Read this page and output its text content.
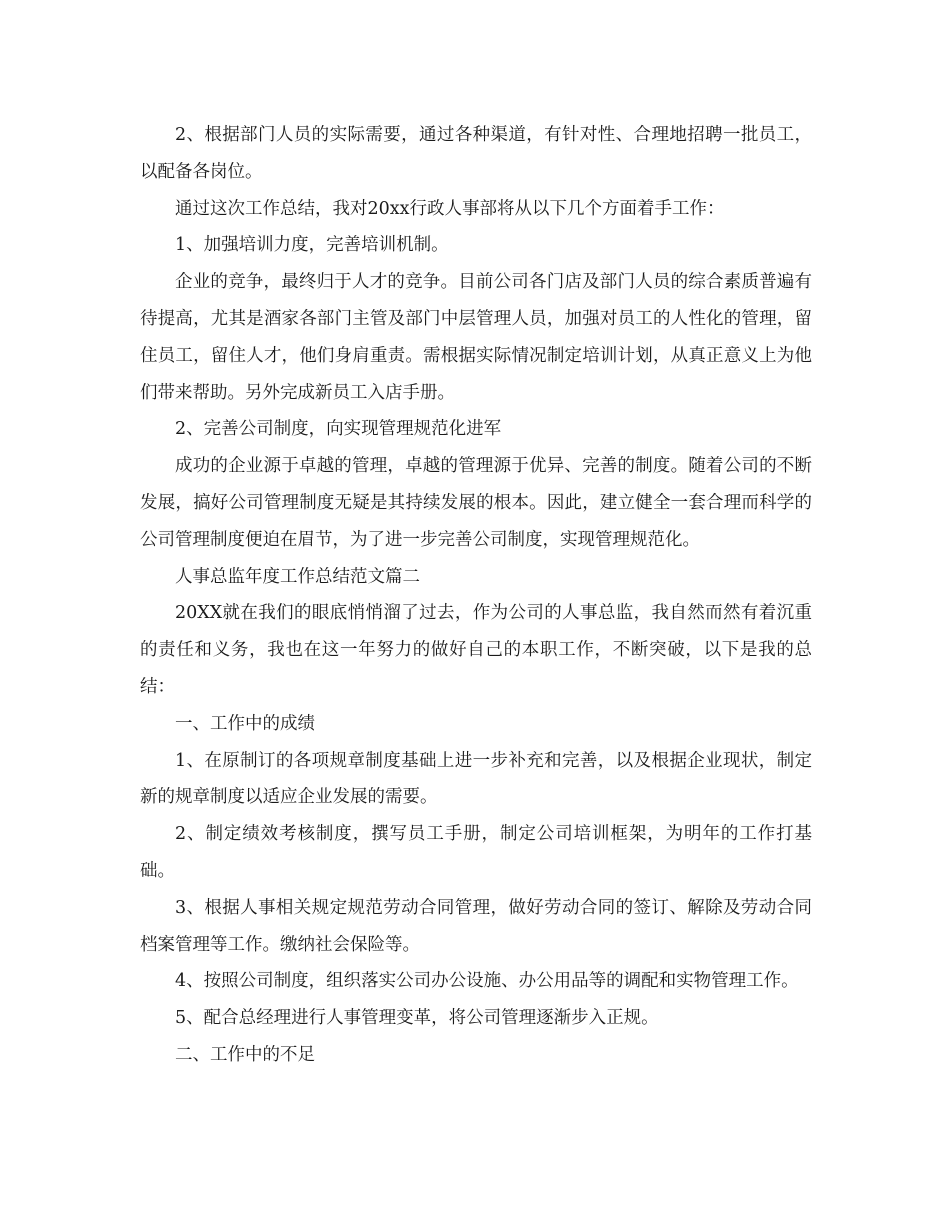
2、根据部门人员的实际需要，通过各种渠道，有针对性、合理地招聘一批员工，以配备各岗位。

通过这次工作总结，我对20xx行政人事部将从以下几个方面着手工作：

1、加强培训力度，完善培训机制。

企业的竞争，最终归于人才的竞争。目前公司各门店及部门人员的综合素质普遍有待提高，尤其是酒家各部门主管及部门中层管理人员，加强对员工的人性化的管理，留住员工，留住人才，他们身肩重责。需根据实际情况制定培训计划，从真正意义上为他们带来帮助。另外完成新员工入店手册。

2、完善公司制度，向实现管理规范化进军

成功的企业源于卓越的管理，卓越的管理源于优异、完善的制度。随着公司的不断发展，搞好公司管理制度无疑是其持续发展的根本。因此，建立健全一套合理而科学的公司管理制度便迫在眉节，为了进一步完善公司制度，实现管理规范化。

人事总监年度工作总结范文篇二

20XX就在我们的眼底悄悄溜了过去，作为公司的人事总监，我自然而然有着沉重的责任和义务，我也在这一年努力的做好自己的本职工作，不断突破，以下是我的总结：

一、工作中的成绩

1、在原制订的各项规章制度基础上进一步补充和完善，以及根据企业现状，制定新的规章制度以适应企业发展的需要。

2、制定绩效考核制度，撰写员工手册，制定公司培训框架，为明年的工作打基础。

3、根据人事相关规定规范劳动合同管理，做好劳动合同的签订、解除及劳动合同档案管理等工作。缴纳社会保险等。

4、按照公司制度，组织落实公司办公设施、办公用品等的调配和实物管理工作。

5、配合总经理进行人事管理变革，将公司管理逐渐步入正规。

二、工作中的不足
